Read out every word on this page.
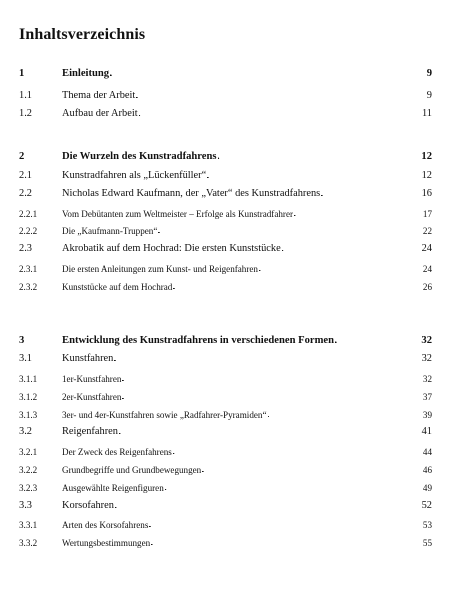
Inhaltsverzeichnis
1	Einleitung . . .	9
1.1	Thema der Arbeit . . .	9
1.2	Aufbau der Arbeit . . .	11
2	Die Wurzeln des Kunstradfahrens . . .	12
2.1	Kunstradfahren als „Lückenfüller“ . . .	12
2.2	Nicholas Edward Kaufmann, der „Vater“ des Kunstradfahrens . . .	16
2.2.1	Vom Debütanten zum Weltmeister – Erfolge als Kunstradfahrer . . .	17
2.2.2	Die „Kaufmann-Truppen“ . . .	22
2.3	Akrobatik auf dem Hochrad: Die ersten Kunststücke . . .	24
2.3.1	Die ersten Anleitungen zum Kunst- und Reigenfahren . . .	24
2.3.2	Kunststücke auf dem Hochrad . . .	26
3	Entwicklung des Kunstradfahrens in verschiedenen Formen . . .	32
3.1	Kunstfahren . . .	32
3.1.1	1er-Kunstfahren . . .	32
3.1.2	2er-Kunstfahren . . .	37
3.1.3	3er- und 4er-Kunstfahren sowie „Radfahrer-Pyramiden“ . . .	39
3.2	Reigenfahren . . .	41
3.2.1	Der Zweck des Reigenfahrens . . .	44
3.2.2	Grundbegriffe und Grundbewegungen . . .	46
3.2.3	Ausgewählte Reigenfiguren . . .	49
3.3	Korsofahren . . .	52
3.3.1	Arten des Korsofahrens . . .	53
3.3.2	Wertungsbestimmungen . . .	55
